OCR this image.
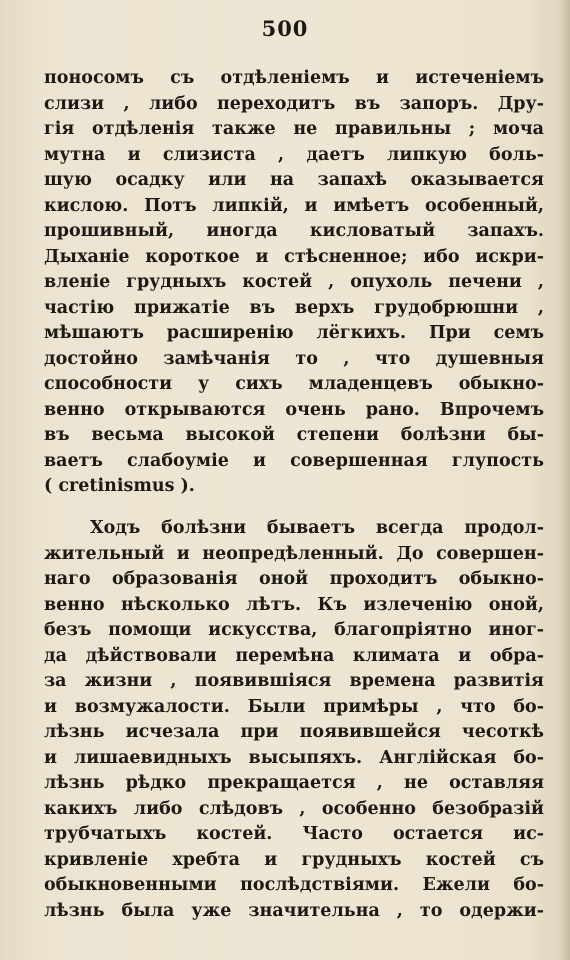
500
поносомъ съ отдѣленіемъ и истеченіемъ
слизи , либо переходитъ въ запоръ. Дру-
гія отдѣленія также не правильны ; моча
мутна и слизиста , даетъ липкую боль-
шую осадку или на запахѣ оказывается
кислою. Потъ липкій, и имѣетъ особенный,
прошивный, иногда кисловатый запахъ.
Дыханіе короткое и стѣсненное; ибо искри-
вленіе грудныхъ костей , опухоль печени ,
частію прижатіе въ верхъ грудобрюшни ,
мѣшаютъ расширенію лёгкихъ. При семъ
достойно замѣчанія то , что душевныя
способности у сихъ младенцевъ обыкно-
венно открываются очень рано. Впрочемъ
въ весьма высокой степени болѣзни бы-
ваетъ слабоуміе и совершенная глупость
( cretinismus ).
Ходъ болѣзни бываетъ всегда продол-
жительный и неопредѣленный. До совершен-
наго образованія оной проходитъ обыкно-
венно нѣсколько лѣтъ. Къ излеченію оной,
безъ помощи искусства, благопріятно иног-
да дѣйствовали перемѣна климата и обра-
за жизни , появившіяся времена развитія
и возмужалости. Были примѣры , что бо-
лѣзнь исчезала при появившейся чесоткѣ
и лишаевидныхъ высыпяхъ. Англійская бо-
лѣзнь рѣдко прекращается , не оставляя
какихъ либо слѣдовъ , особенно безобразій
трубчатыхъ костей. Часто остается ис-
кривленіе хребта и грудныхъ костей съ
обыкновенными послѣдствіями. Ежели бо-
лѣзнь была уже значительна , то одержи-
